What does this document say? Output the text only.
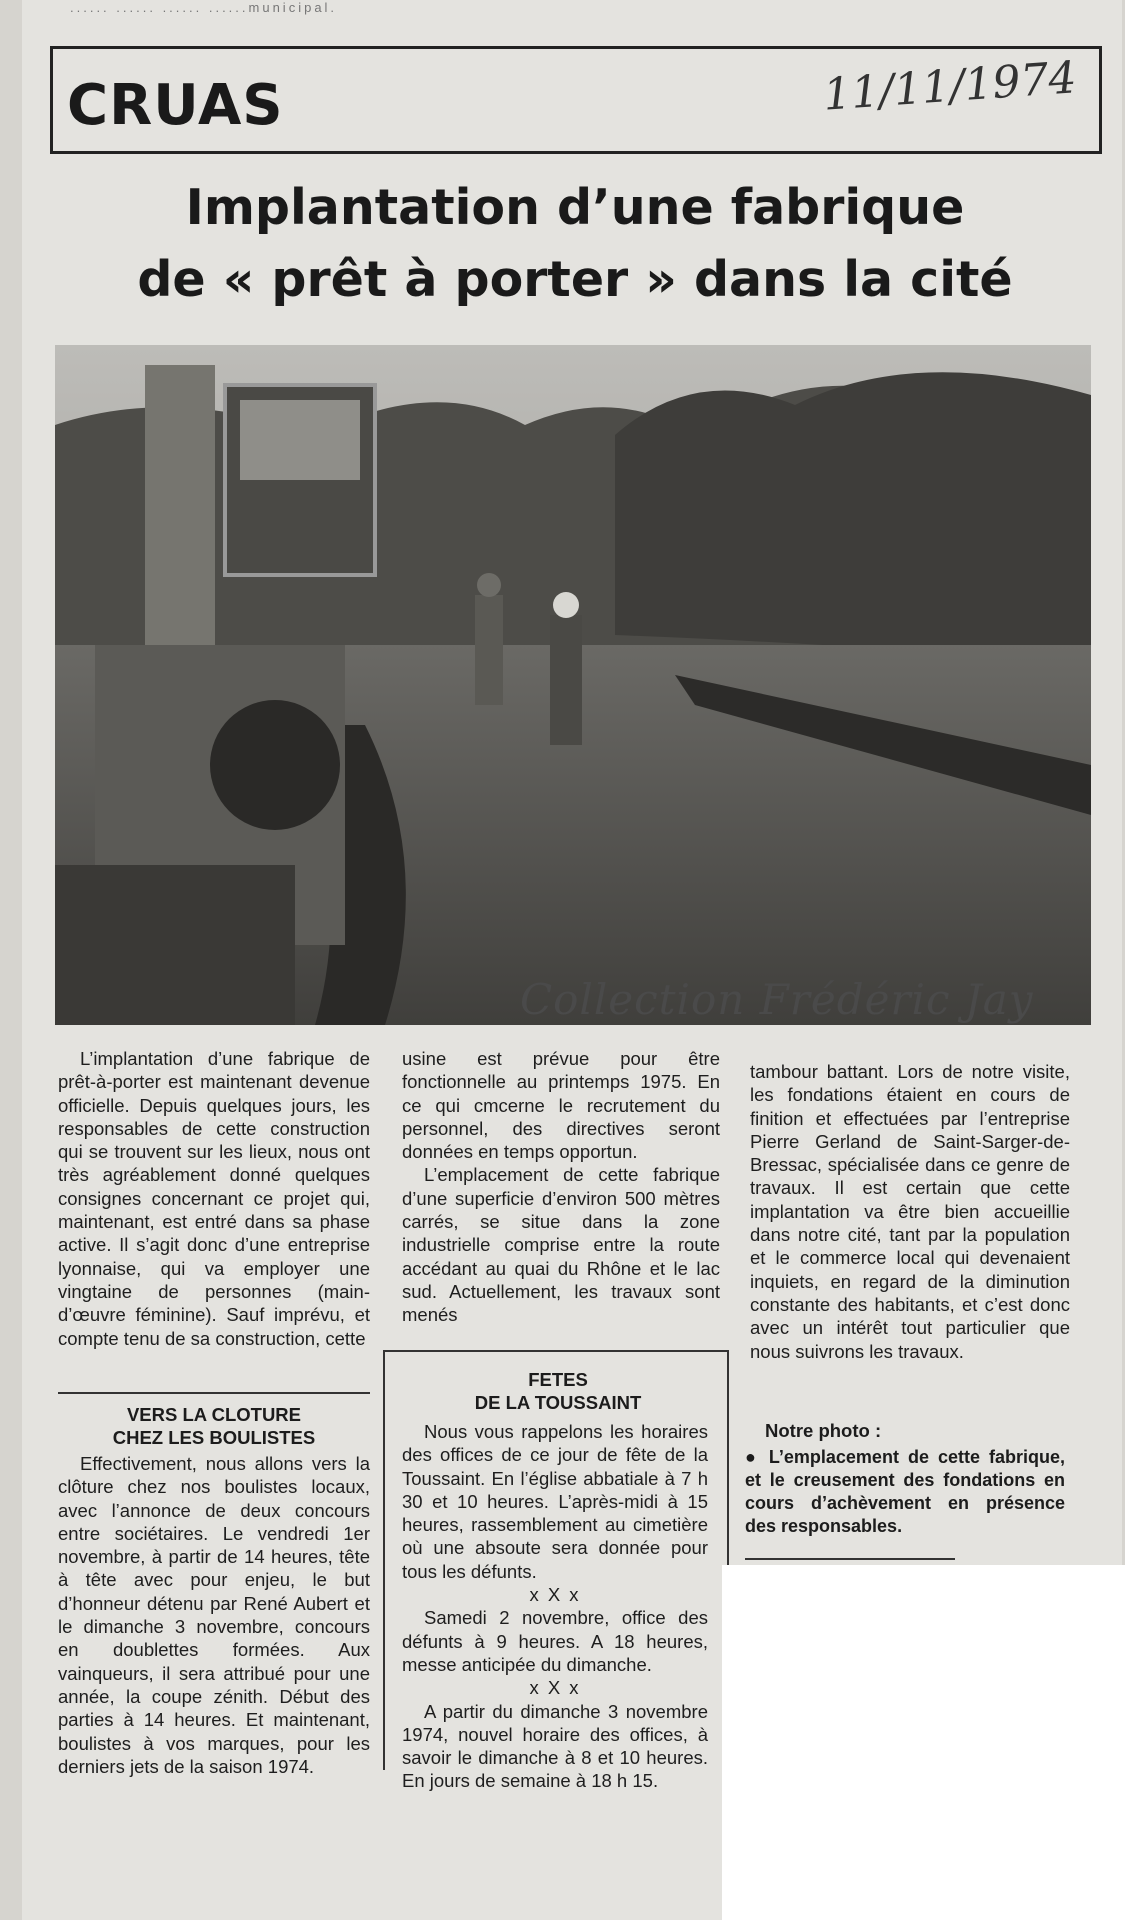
...... ...... ...... ......municipal.
CRUAS	11/11/1974
Implantation d’une fabrique
de « prêt à porter » dans la cité
Collection Frédéric Jay

L’implantation d’une fabrique de prêt-à-porter est maintenant devenue officielle. Depuis quelques jours, les responsables de cette construction qui se trouvent sur les lieux, nous ont très agréablement donné quelques consignes concernant ce projet qui, maintenant, est entré dans sa phase active. Il s’agit donc d’une entreprise lyonnaise, qui va employer une vingtaine de personnes (main-d’œuvre féminine). Sauf imprévu, et compte tenu de sa construction, cette

usine est prévue pour être fonctionnelle au printemps 1975. En ce qui cmcerne le recrutement du personnel, des directives seront données en temps opportun.

L’emplacement de cette fabrique d’une superficie d’environ 500 mètres carrés, se situe dans la zone industrielle comprise entre la route accédant au quai du Rhône et le lac sud. Actuellement, les travaux sont menés

tambour battant. Lors de notre visite, les fondations étaient en cours de finition et effectuées par l’entreprise Pierre Gerland de Saint-Sarger-de-Bressac, spécialisée dans ce genre de travaux. Il est certain que cette implantation va être bien accueillie dans notre cité, tant par la population et le commerce local qui devenaient inquiets, en regard de la diminution constante des habitants, et c’est donc avec un intérêt tout particulier que nous suivrons les travaux.

Notre photo :
● L’emplacement de cette fabrique, et le creusement des fondations en cours d’achèvement en présence des responsables.
VERS LA CLOTURE
CHEZ LES BOULISTES

Effectivement, nous allons vers la clôture chez nos boulistes locaux, avec l’annonce de deux concours entre sociétaires. Le vendredi 1er novembre, à partir de 14 heures, tête à tête avec pour enjeu, le but d’honneur détenu par René Aubert et le dimanche 3 novembre, concours en doublettes formées. Aux vainqueurs, il sera attribué pour une année, la coupe zénith. Début des parties à 14 heures. Et maintenant, boulistes à vos marques, pour les derniers jets de la saison 1974.

FETES
DE LA TOUSSAINT

Nous vous rappelons les horaires des offices de ce jour de fête de la Toussaint. En l’église abbatiale à 7 h 30 et 10 heures. L’après-midi à 15 heures, rassemblement au cimetière où une absoute sera donnée pour tous les défunts.

x X x

Samedi 2 novembre, office des défunts à 9 heures. A 18 heures, messe anticipée du dimanche.

x X x

A partir du dimanche 3 novembre 1974, nouvel horaire des offices, à savoir le dimanche à 8 et 10 heures. En jours de semaine à 18 h 15.
